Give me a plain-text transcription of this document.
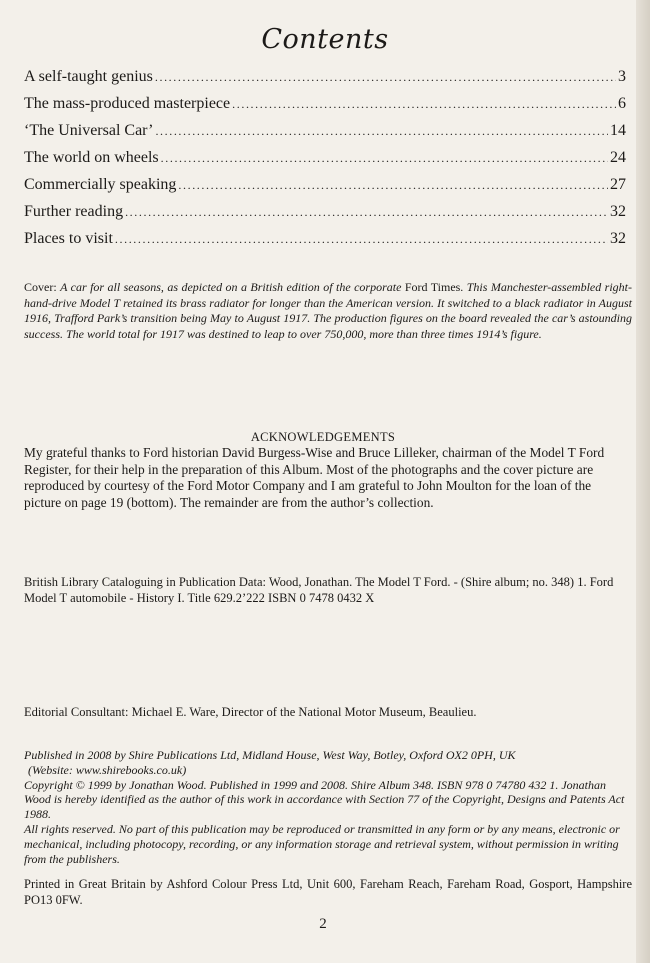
Contents
A self-taught genius .....	3
The mass-produced masterpiece .....	6
‘The Universal Car’ .....	14
The world on wheels .....	24
Commercially speaking .....	27
Further reading .....	32
Places to visit .....	32
Cover: A car for all seasons, as depicted on a British edition of the corporate Ford Times. This Manchester-assembled right-hand-drive Model T retained its brass radiator for longer than the American version. It switched to a black radiator in August 1916, Trafford Park’s transition being May to August 1917. The production figures on the board revealed the car’s astounding success. The world total for 1917 was destined to leap to over 750,000, more than three times 1914’s figure.
ACKNOWLEDGEMENTS
My grateful thanks to Ford historian David Burgess-Wise and Bruce Lilleker, chairman of the Model T Ford Register, for their help in the preparation of this Album. Most of the photographs and the cover picture are reproduced by courtesy of the Ford Motor Company and I am grateful to John Moulton for the loan of the picture on page 19 (bottom). The remainder are from the author’s collection.
British Library Cataloguing in Publication Data: Wood, Jonathan. The Model T Ford. - (Shire album; no. 348) 1. Ford Model T automobile - History I. Title 629.2’222 ISBN 0 7478 0432 X
Editorial Consultant: Michael E. Ware, Director of the National Motor Museum, Beaulieu.

Published in 2008 by Shire Publications Ltd, Midland House, West Way, Botley, Oxford OX2 0PH, UK

(Website: www.shirebooks.co.uk)

Copyright © 1999 by Jonathan Wood. Published in 1999 and 2008. Shire Album 348. ISBN 978 0 74780 432 1. Jonathan Wood is hereby identified as the author of this work in accordance with Section 77 of the Copyright, Designs and Patents Act 1988.

All rights reserved. No part of this publication may be reproduced or transmitted in any form or by any means, electronic or mechanical, including photocopy, recording, or any information storage and retrieval system, without permission in writing from the publishers.

Printed in Great Britain by Ashford Colour Press Ltd, Unit 600, Fareham Reach, Fareham Road, Gosport, Hampshire PO13 0FW.
2
